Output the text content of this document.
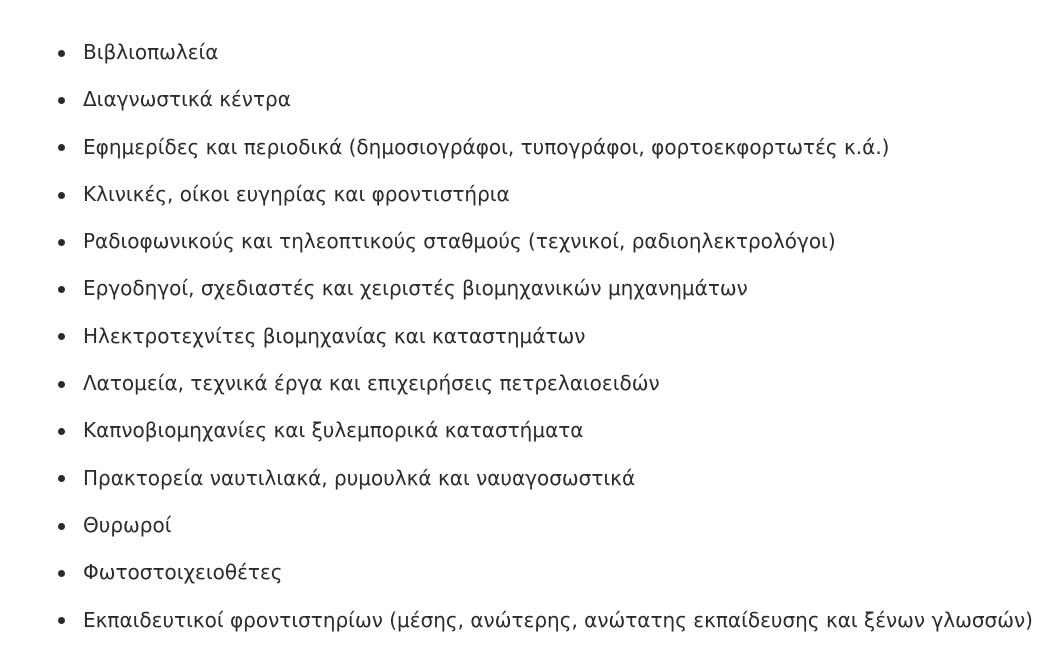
Βιβλιοπωλεία
Διαγνωστικά κέντρα
Εφημερίδες και περιοδικά (δημοσιογράφοι, τυπογράφοι, φορτοεκφορτωτές κ.ά.)
Κλινικές, οίκοι ευγηρίας και φροντιστήρια
Ραδιοφωνικούς και τηλεοπτικούς σταθμούς (τεχνικοί, ραδιοηλεκτρολόγοι)
Εργοδηγοί, σχεδιαστές και χειριστές βιομηχανικών μηχανημάτων
Ηλεκτροτεχνίτες βιομηχανίας και καταστημάτων
Λατομεία, τεχνικά έργα και επιχειρήσεις πετρελαιοειδών
Καπνοβιομηχανίες και ξυλεμπορικά καταστήματα
Πρακτορεία ναυτιλιακά, ρυμουλκά και ναυαγοσωστικά
Θυρωροί
Φωτοστοιχειοθέτες
Εκπαιδευτικοί φροντιστηρίων (μέσης, ανώτερης, ανώτατης εκπαίδευσης και ξένων γλωσσών)
